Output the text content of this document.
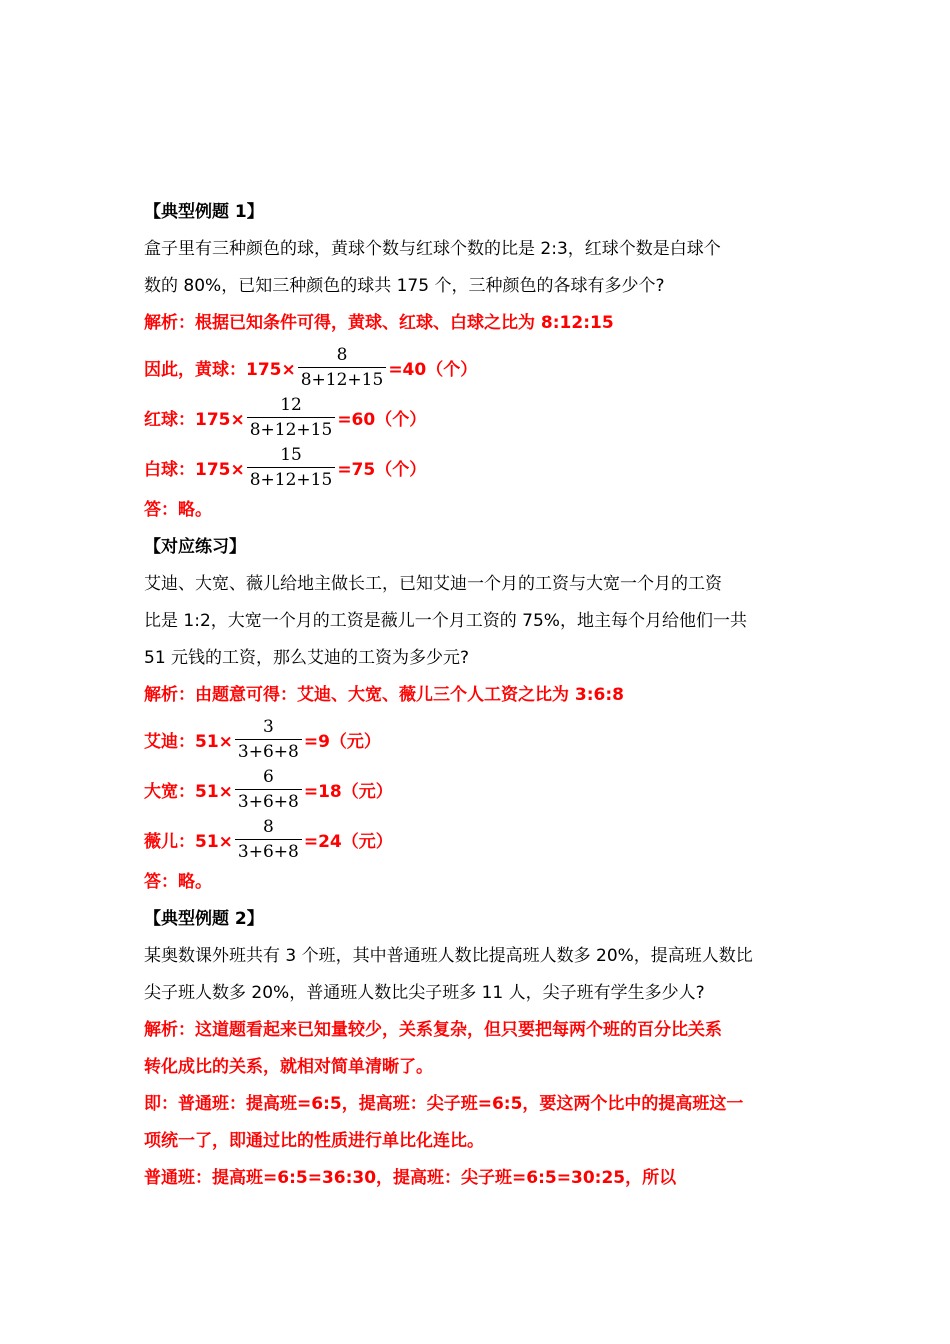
【典型例题 1】
盒子里有三种颜色的球，黄球个数与红球个数的比是 2:3，红球个数是白球个
数的 80%，已知三种颜色的球共 175 个，三种颜色的各球有多少个?
解析：根据已知条件可得，黄球、红球、白球之比为 8:12:15
因此，黄球：$175\times \frac{8}{8+12+15} =40$（个）
红球：$175\times \frac{12}{8+12+15} =60$（个）
白球：$175\times \frac{15}{8+12+15} =75$（个）
答：略。
【对应练习】
艾迪、大宽、薇儿给地主做长工，已知艾迪一个月的工资与大宽一个月的工资
比是 1:2，大宽一个月的工资是薇儿一个月工资的 75%，地主每个月给他们一共
51 元钱的工资，那么艾迪的工资为多少元?
解析：由题意可得：艾迪、大宽、薇儿三个人工资之比为 3:6:8
艾迪：$51\times \frac{3}{3+6+8} =9$（元）
大宽：$51\times \frac{6}{3+6+8} =18$（元）
薇儿：$51\times \frac{8}{3+6+8} =24$（元）
答：略。
【典型例题 2】
某奥数课外班共有 3 个班，其中普通班人数比提高班人数多 20%，提高班人数比
尖子班人数多 20%，普通班人数比尖子班多 11 人，尖子班有学生多少人?
解析：这道题看起来已知量较少，关系复杂，但只要把每两个班的百分比关系
转化成比的关系，就相对简单清晰了。
即：普通班：提高班=6:5，提高班：尖子班=6:5，要这两个比中的提高班这一
项统一了，即通过比的性质进行单比化连比。
普通班：提高班=6:5=36:30，提高班：尖子班=6:5=30:25，所以
